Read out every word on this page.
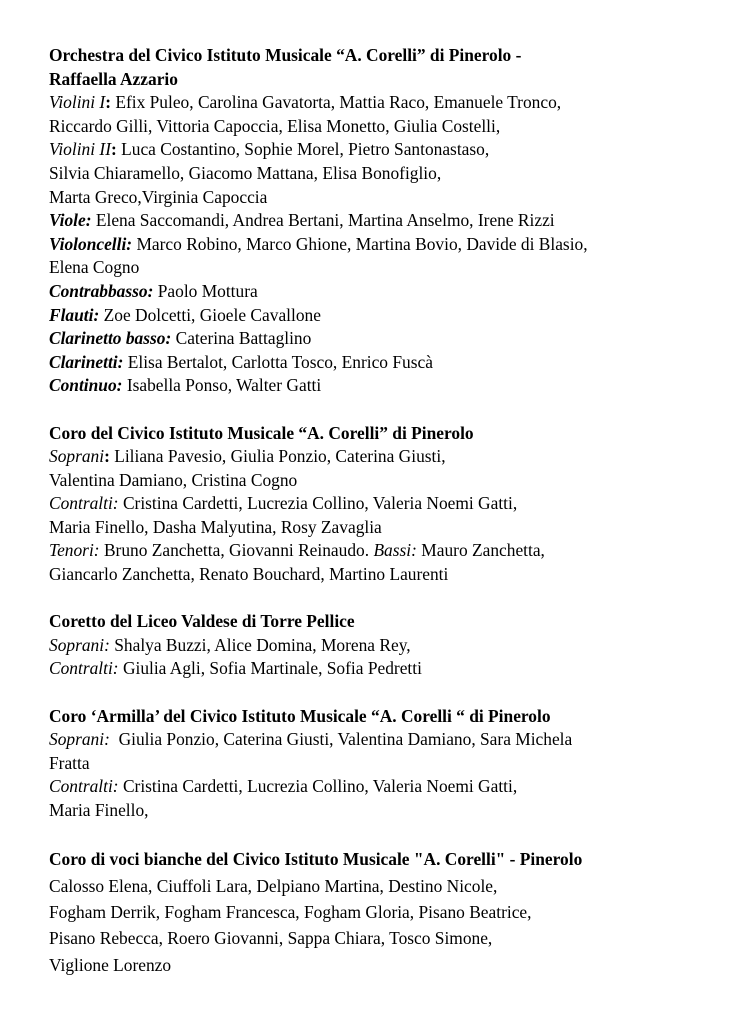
Orchestra del Civico Istituto Musicale “A. Corelli” di Pinerolo -
Raffaella Azzario
Violini I: Efix Puleo, Carolina Gavatorta, Mattia Raco, Emanuele Tronco,
Riccardo Gilli, Vittoria Capoccia, Elisa Monetto, Giulia Costelli,
Violini II: Luca Costantino, Sophie Morel, Pietro Santonastaso,
Silvia Chiaramello, Giacomo Mattana, Elisa Bonofiglio,
Marta Greco,Virginia Capoccia
Viole: Elena Saccomandi, Andrea Bertani, Martina Anselmo, Irene Rizzi
Violoncelli: Marco Robino, Marco Ghione, Martina Bovio, Davide di Blasio,
Elena Cogno
Contrabbasso: Paolo Mottura
Flauti: Zoe Dolcetti, Gioele Cavallone
Clarinetto basso: Caterina Battaglino
Clarinetti: Elisa Bertalot, Carlotta Tosco, Enrico Fuscà
Continuo: Isabella Ponso, Walter Gatti
Coro del Civico Istituto Musicale “A. Corelli” di Pinerolo
Soprani: Liliana Pavesio, Giulia Ponzio, Caterina Giusti,
Valentina Damiano, Cristina Cogno
Contralti: Cristina Cardetti, Lucrezia Collino, Valeria Noemi Gatti,
Maria Finello, Dasha Malyutina, Rosy Zavaglia
Tenori: Bruno Zanchetta, Giovanni Reinaudo. Bassi: Mauro Zanchetta,
Giancarlo Zanchetta, Renato Bouchard, Martino Laurenti
Coretto del Liceo Valdese di Torre Pellice
Soprani: Shalya Buzzi, Alice Domina, Morena Rey,
Contralti: Giulia Agli, Sofia Martinale, Sofia Pedretti
Coro ‘Armilla’ del Civico Istituto Musicale “A. Corelli “ di Pinerolo
Soprani: Giulia Ponzio, Caterina Giusti, Valentina Damiano, Sara Michela
Fratta
Contralti: Cristina Cardetti, Lucrezia Collino, Valeria Noemi Gatti,
Maria Finello,
Coro di voci bianche del Civico Istituto Musicale "A. Corelli" - Pinerolo
Calosso Elena, Ciuffoli Lara, Delpiano Martina, Destino Nicole,
Fogham Derrik, Fogham Francesca, Fogham Gloria, Pisano Beatrice,
Pisano Rebecca, Roero Giovanni, Sappa Chiara, Tosco Simone,
Viglione Lorenzo
